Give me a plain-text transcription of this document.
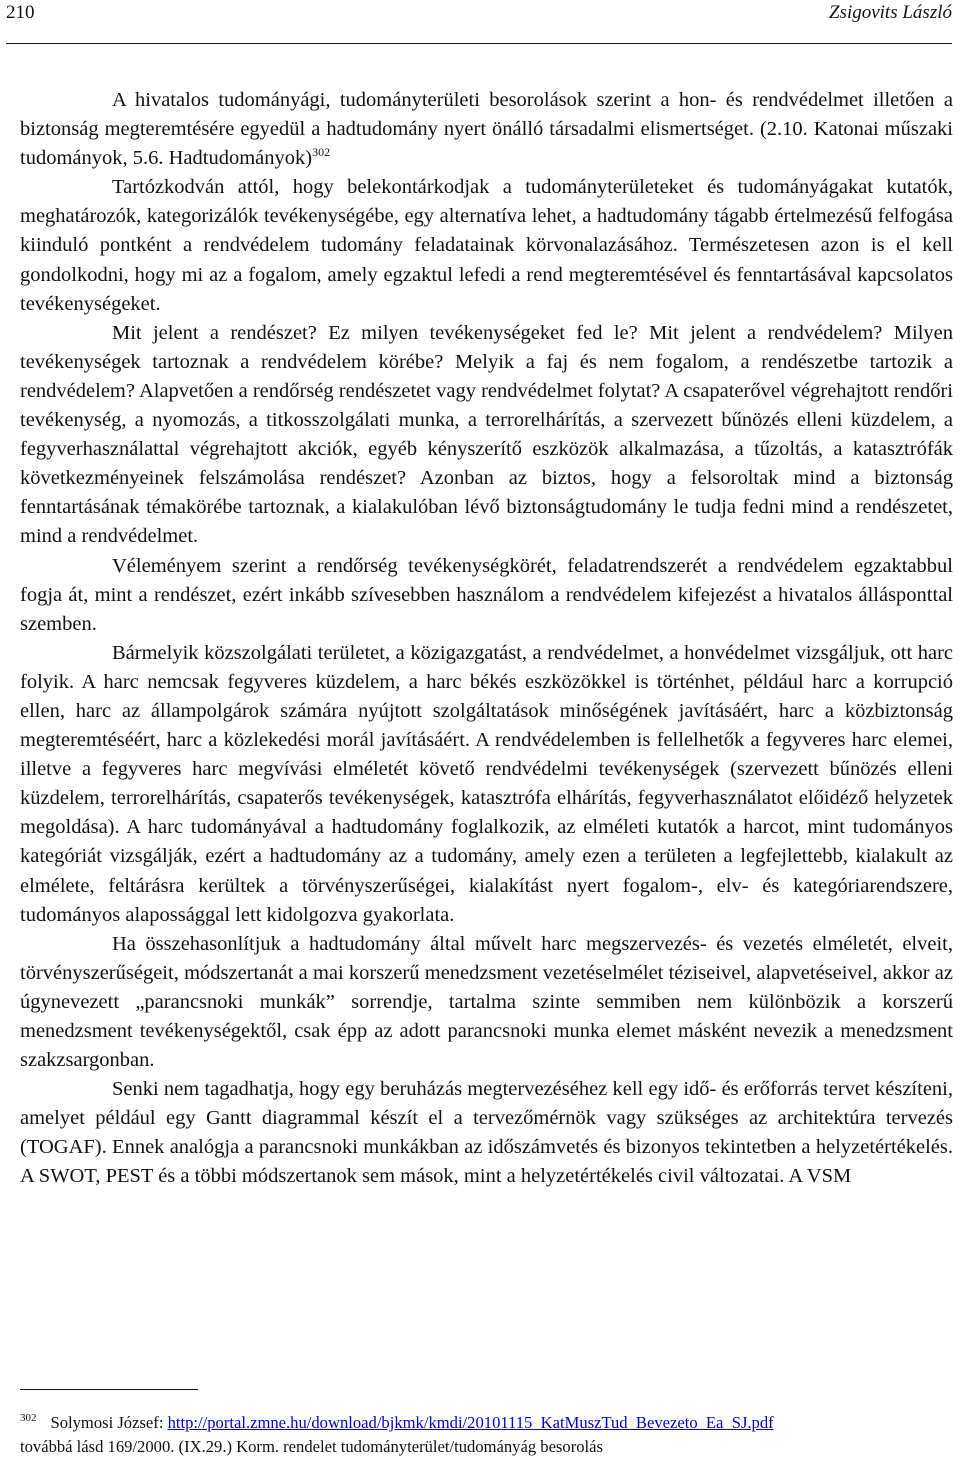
210	Zsigovits László

A hivatalos tudományági, tudományterületi besorolások szerint a hon- és rendvédelmet illetően a biztonság megteremtésére egyedül a hadtudomány nyert önálló társadalmi elismertséget. (2.10. Katonai műszaki tudományok, 5.6. Hadtudományok)$^{302}$

Tartózkodván attól, hogy belekontárkodjak a tudományterületeket és tudományágakat kutatók, meghatározók, kategorizálók tevékenységébe, egy alternatíva lehet, a hadtudomány tágabb értelmezésű felfogása kiinduló pontként a rendvédelem tudomány feladatainak körvonalazásához. Természetesen azon is el kell gondolkodni, hogy mi az a fogalom, amely egzaktul lefedi a rend megteremtésével és fenntartásával kapcsolatos tevékenységeket.

Mit jelent a rendészet? Ez milyen tevékenységeket fed le? Mit jelent a rendvédelem? Milyen tevékenységek tartoznak a rendvédelem körébe? Melyik a faj és nem fogalom, a rendészetbe tartozik a rendvédelem? Alapvetően a rendőrség rendészetet vagy rendvédelmet folytat? A csapaterővel végrehajtott rendőri tevékenység, a nyomozás, a titkosszolgálati munka, a terrorelhárítás, a szervezett bűnözés elleni küzdelem, a fegyverhasználattal végrehajtott akciók, egyéb kényszerítő eszközök alkalmazása, a tűzoltás, a katasztrófák következményeinek felszámolása rendészet? Azonban az biztos, hogy a felsoroltak mind a biztonság fenntartásának témakörébe tartoznak, a kialakulóban lévő biztonságtudomány le tudja fedni mind a rendészetet, mind a rendvédelmet.

Véleményem szerint a rendőrség tevékenységkörét, feladatrendszerét a rendvédelem egzaktabbul fogja át, mint a rendészet, ezért inkább szívesebben használom a rendvédelem kifejezést a hivatalos állásponttal szemben.

Bármelyik közszolgálati területet, a közigazgatást, a rendvédelmet, a honvédelmet vizsgáljuk, ott harc folyik. A harc nemcsak fegyveres küzdelem, a harc békés eszközökkel is történhet, például harc a korrupció ellen, harc az állampolgárok számára nyújtott szolgáltatások minőségének javításáért, harc a közbiztonság megteremtéséért, harc a közlekedési morál javításáért. A rendvédelemben is fellelhetők a fegyveres harc elemei, illetve a fegyveres harc megvívási elméletét követő rendvédelmi tevékenységek (szervezett bűnözés elleni küzdelem, terrorelhárítás, csapaterős tevékenységek, katasztrófa elhárítás, fegyverhasználatot előidéző helyzetek megoldása). A harc tudományával a hadtudomány foglalkozik, az elméleti kutatók a harcot, mint tudományos kategóriát vizsgálják, ezért a hadtudomány az a tudomány, amely ezen a területen a legfejlettebb, kialakult az elmélete, feltárásra kerültek a törvényszerűségei, kialakítást nyert fogalom-, elv- és kategóriarendszere, tudományos alapossággal lett kidolgozva gyakorlata.

Ha összehasonlítjuk a hadtudomány által művelt harc megszervezés- és vezetés elméletét, elveit, törvényszerűségeit, módszertanát a mai korszerű menedzsment vezetéselmélet téziseivel, alapvetéseivel, akkor az úgynevezett „parancsnoki munkák” sorrendje, tartalma szinte semmiben nem különbözik a korszerű menedzsment tevékenységektől, csak épp az adott parancsnoki munka elemet másként nevezik a menedzsment szakzsargonban.

Senki nem tagadhatja, hogy egy beruházás megtervezéséhez kell egy idő- és erőforrás tervet készíteni, amelyet például egy Gantt diagrammal készít el a tervezőmérnök vagy szükséges az architektúra tervezés (TOGAF). Ennek analógja a parancsnoki munkákban az időszámvetés és bizonyos tekintetben a helyzetértékelés. A SWOT, PEST és a többi módszertanok sem mások, mint a helyzetértékelés civil változatai. A VSM

$^{302}$ Solymosi József: http://portal.zmne.hu/download/bjkmk/kmdi/20101115_KatMuszTud_Bevezeto_Ea_SJ.pdf
továbbá lásd 169/2000. (IX.29.) Korm. rendelet tudományterület/tudományág besorolás
